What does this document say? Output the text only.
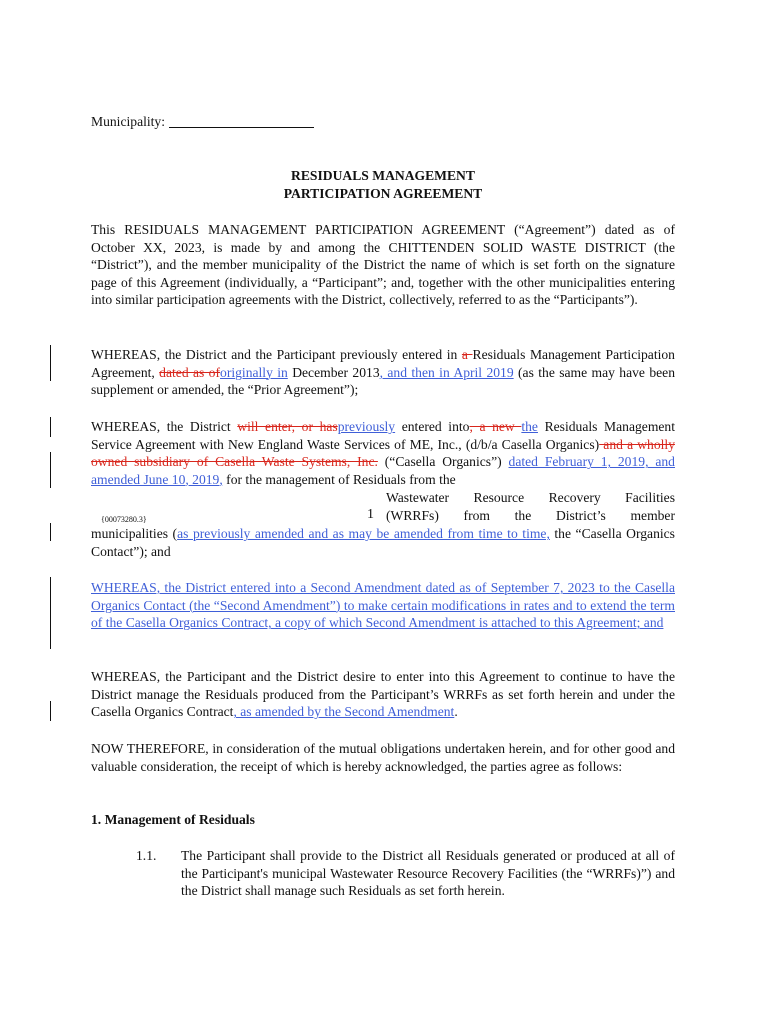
Municipality:
RESIDUALS MANAGEMENT
PARTICIPATION AGREEMENT
This RESIDUALS MANAGEMENT PARTICIPATION AGREEMENT (“Agreement”) dated as of October XX, 2023, is made by and among the CHITTENDEN SOLID WASTE DISTRICT (the “District”), and the member municipality of the District the name of which is set forth on the signature page of this Agreement (individually, a “Participant”; and, together with the other municipalities entering into similar participation agreements with the District, collectively, referred to as the “Participants”).
WHEREAS, the District and the Participant previously entered in a Residuals Management Participation Agreement, dated as oforiginally in December 2013, and then in April 2019 (as the same may have been supplement or amended, the “Prior Agreement”);
WHEREAS, the District will enter, or haspreviously entered into, a new the Residuals Management Service Agreement with New England Waste Services of ME, Inc., (d/b/a Casella Organics) and a wholly owned subsidiary of Casella Waste Systems, Inc. (“Casella Organics”) dated February 1, 2019, and amended June 10, 2019, for the management of Residuals from the
Wastewater Resource Recovery Facilities
(WRRFs) from the District’s member
{00073280.3}	1
municipalities (as previously amended and as may be amended from time to time, the “Casella Organics Contact”); and
WHEREAS, the District entered into a Second Amendment dated as of September 7, 2023 to the Casella Organics Contact (the “Second Amendment”) to make certain modifications in rates and to extend the term of the Casella Organics Contract, a copy of which Second Amendment is attached to this Agreement; and
WHEREAS, the Participant and the District desire to enter into this Agreement to continue to have the District manage the Residuals produced from the Participant’s WRRFs as set forth herein and under the Casella Organics Contract, as amended by the Second Amendment.
NOW THEREFORE, in consideration of the mutual obligations undertaken herein, and for other good and valuable consideration, the receipt of which is hereby acknowledged, the parties agree as follows:
1. Management of Residuals
1.1. The Participant shall provide to the District all Residuals generated or produced at all of the Participant's municipal Wastewater Resource Recovery Facilities (the “WRRFs)”) and the District shall manage such Residuals as set forth herein.
